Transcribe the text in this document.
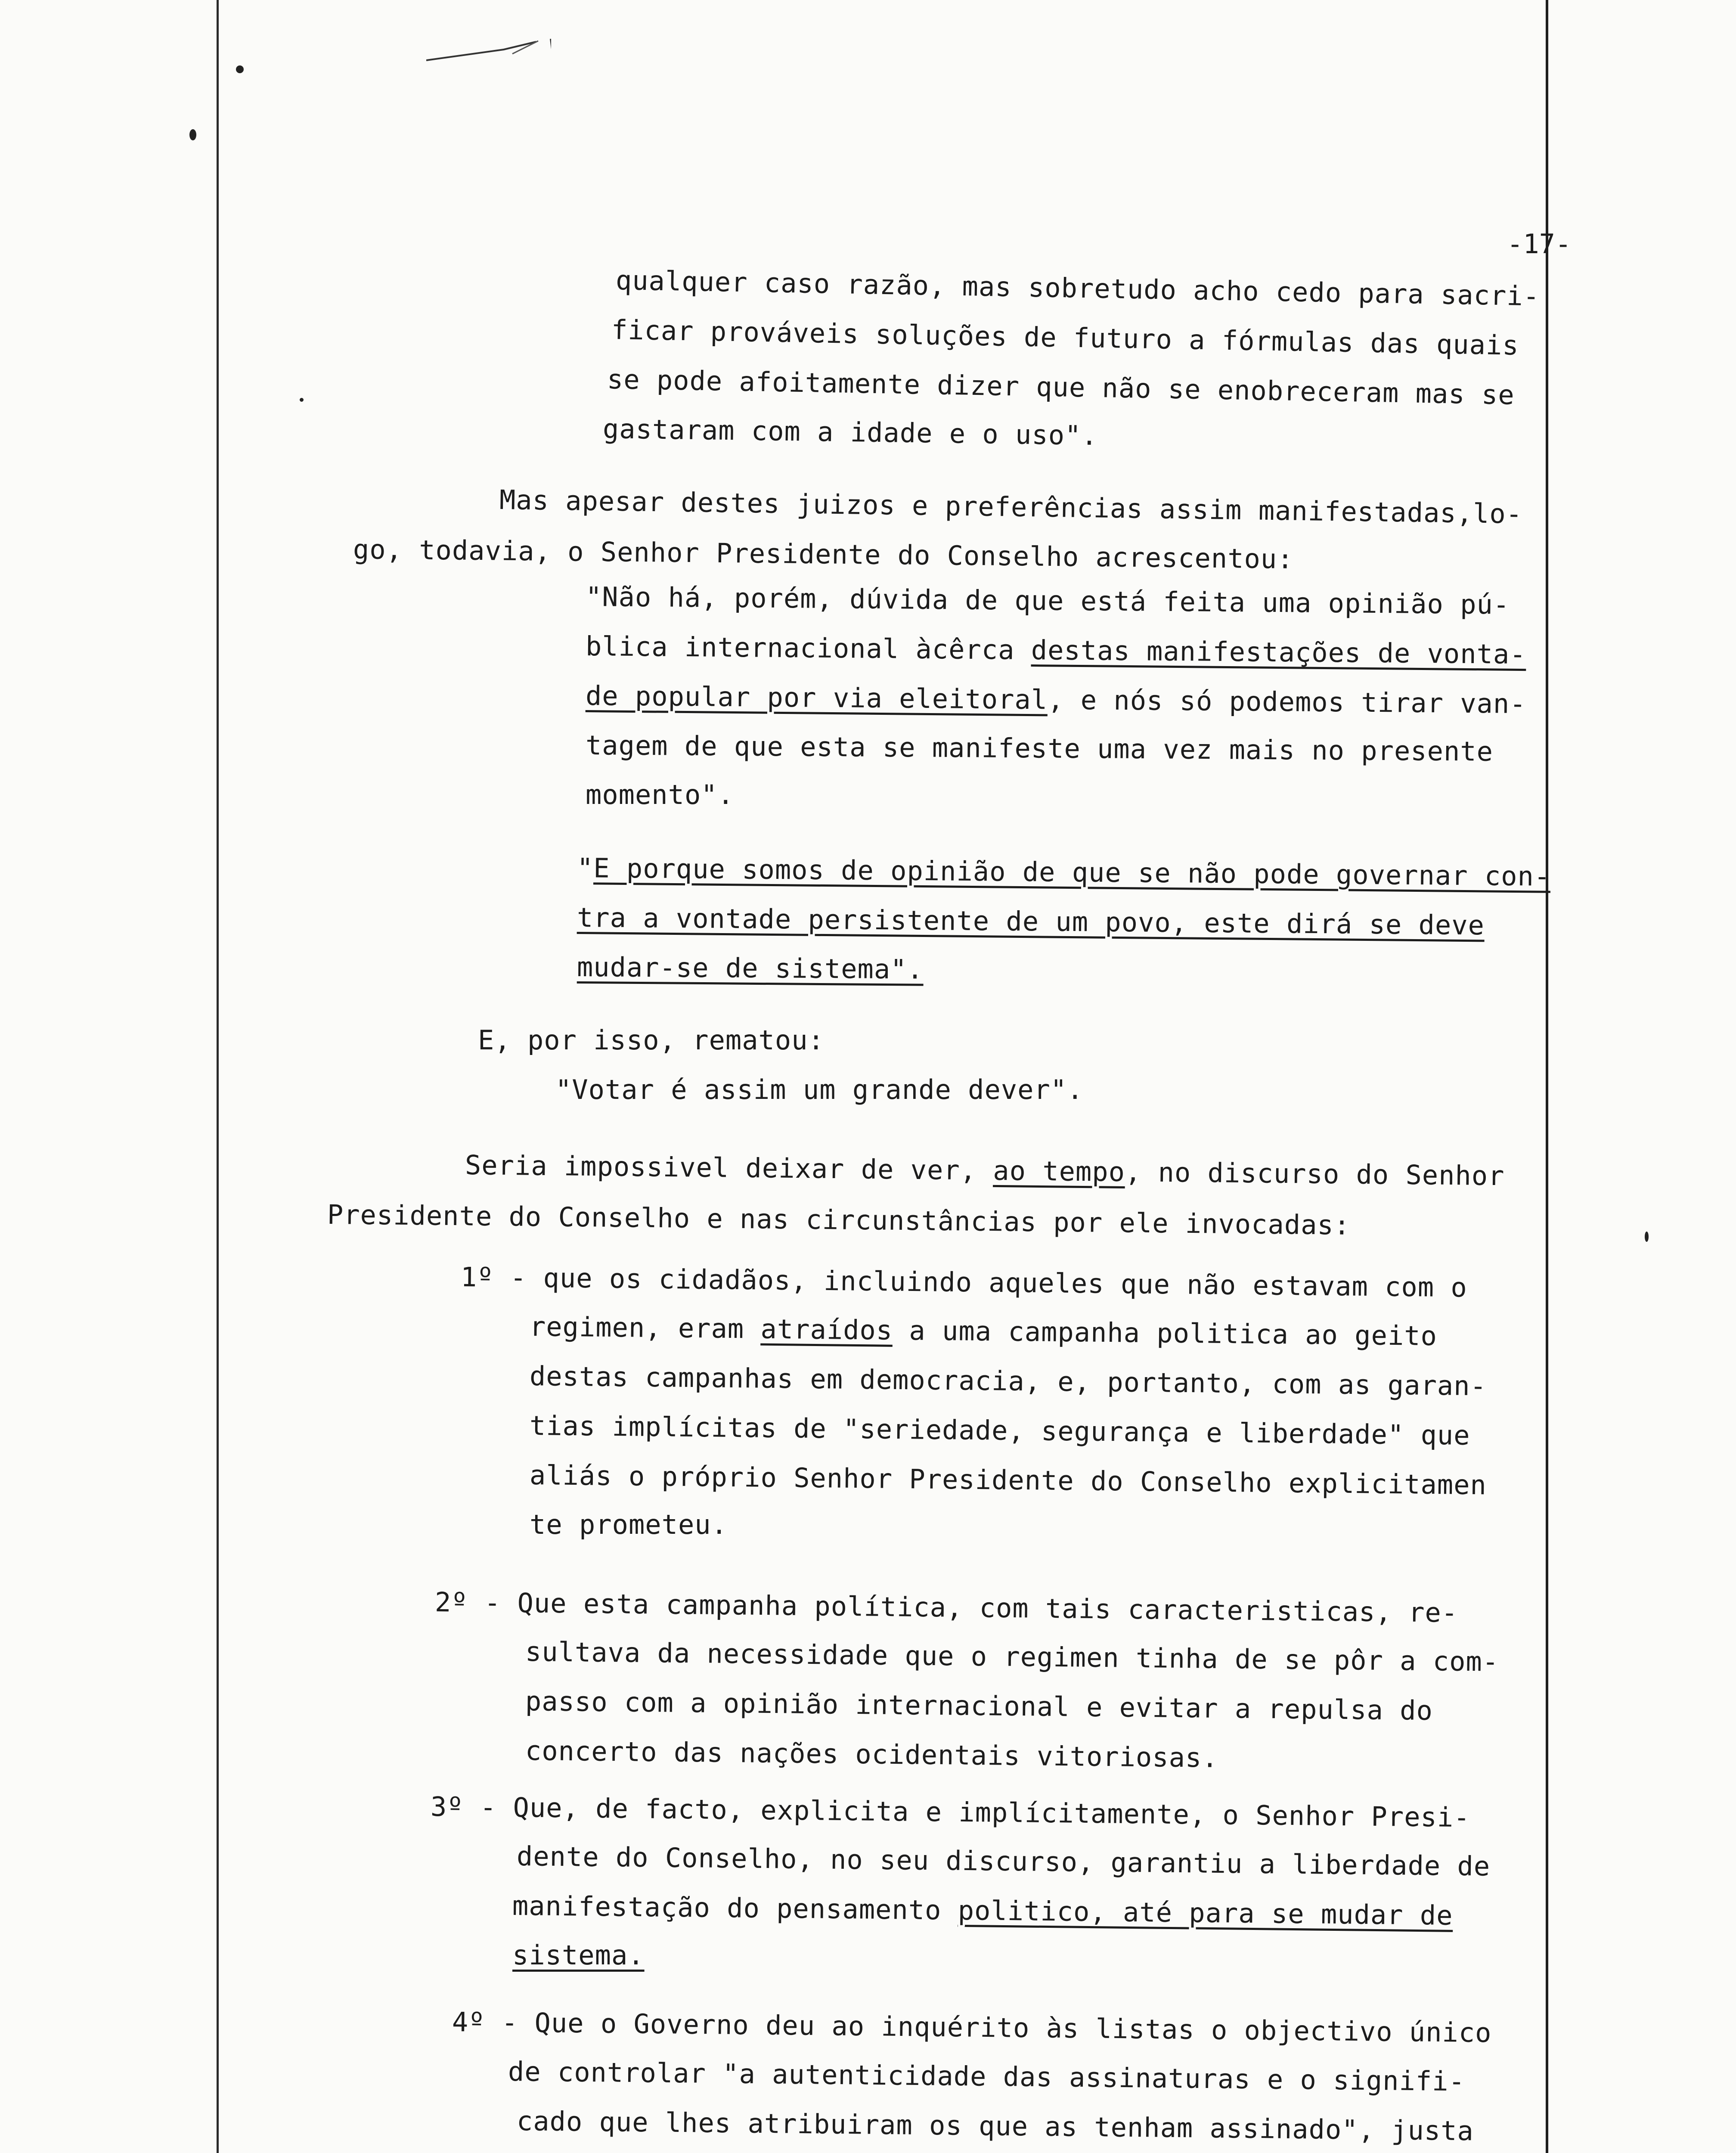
-17-
qualquer caso razão, mas sobretudo acho cedo para sacri-
ficar prováveis soluções de futuro a fórmulas das quais
se pode afoitamente dizer que não se enobreceram mas se
gastaram com a idade e o uso".
Mas apesar destes juizos e preferências assim manifestadas,lo-
go, todavia, o Senhor Presidente do Conselho acrescentou:
"Não há, porém, dúvida de que está feita uma opinião pú-
blica internacional àcêrca destas manifestações de vonta-
de popular por via eleitoral, e nós só podemos tirar van-
tagem de que esta se manifeste uma vez mais no presente
momento".
"E porque somos de opinião de que se não pode governar con-
tra a vontade persistente de um povo, este dirá se deve
mudar-se de sistema".
E, por isso, rematou:
"Votar é assim um grande dever".
Seria impossivel deixar de ver, ao tempo, no discurso do Senhor
Presidente do Conselho e nas circunstâncias por ele invocadas:
1º - que os cidadãos, incluindo aqueles que não estavam com o
regimen, eram atraídos a uma campanha politica ao geito
destas campanhas em democracia, e, portanto, com as garan-
tias implícitas de "seriedade, segurança e liberdade" que
aliás o próprio Senhor Presidente do Conselho explicitamen
te prometeu.
2º - Que esta campanha política, com tais caracteristicas, re-
sultava da necessidade que o regimen tinha de se pôr a com-
passo com a opinião internacional e evitar a repulsa do
concerto das nações ocidentais vitoriosas.
3º - Que, de facto, explicita e implícitamente, o Senhor Presi-
dente do Conselho, no seu discurso, garantiu a liberdade de
manifestação do pensamento politico, até para se mudar de
sistema.
4º - Que o Governo deu ao inquérito às listas o objectivo único
de controlar "a autenticidade das assinaturas e o signifi-
cado que lhes atribuiram os que as tenham assinado", justa
